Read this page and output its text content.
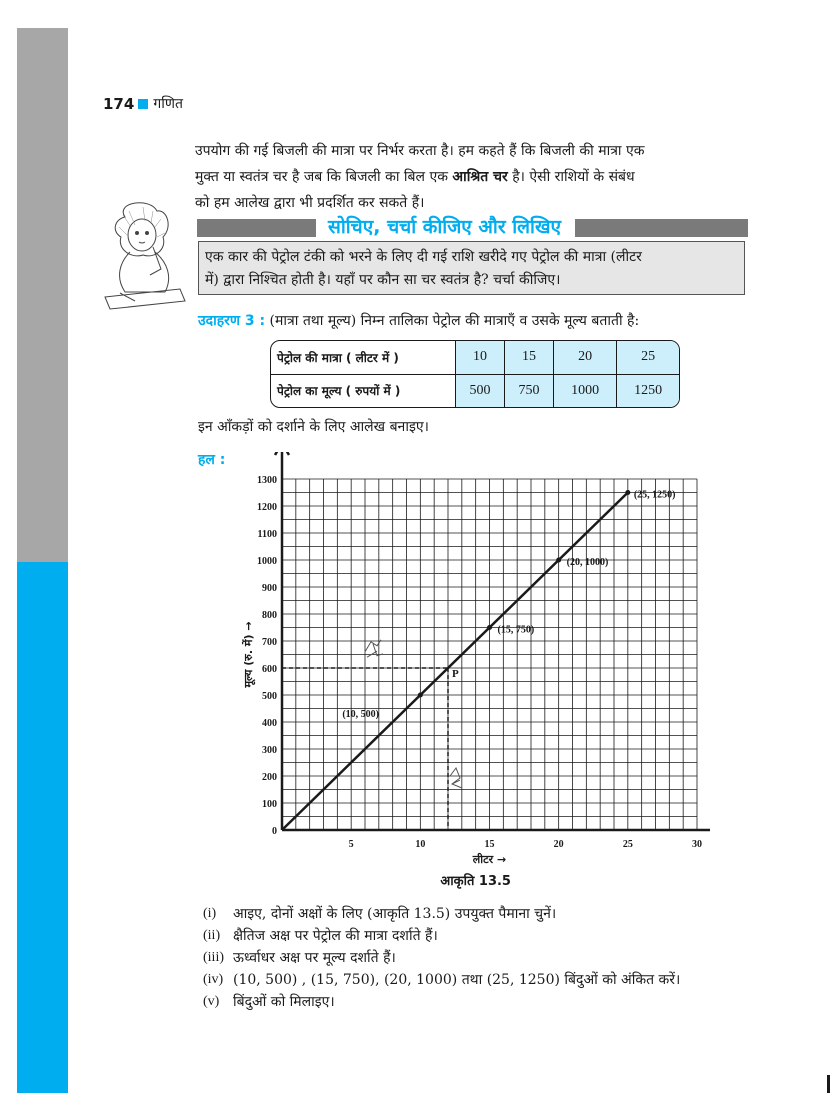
174 गणित
उपयोग की गई बिजली की मात्रा पर निर्भर करता है। हम कहते हैं कि बिजली की मात्रा एक
मुक्त या स्वतंत्र चर है जब कि बिजली का बिल एक आश्रित चर है। ऐसी राशियों के संबंध
को हम आलेख द्वारा भी प्रदर्शित कर सकते हैं।
सोचिए, चर्चा कीजिए और लिखिए
एक कार की पेट्रोल टंकी को भरने के लिए दी गई राशि खरीदे गए पेट्रोल की मात्रा (लीटर
में) द्वारा निश्चित होती है। यहाँ पर कौन सा चर स्वतंत्र है? चर्चा कीजिए।
उदाहरण 3 : (मात्रा तथा मूल्य) निम्न तालिका पेट्रोल की मात्राएँ व उसके मूल्य बताती है:
पेट्रोल की मात्रा ( लीटर में )	10	15	20	25
पेट्रोल का मूल्य ( रुपयों में )	500	750	1000	1250
इन आँकड़ों को दर्शाने के लिए आलेख बनाइए।
हल :
0
100
200
300
400
500
600
700
800
900
1000
1100
1200
1300
5	10	15	20	25	30
लीटर →
मूल्य (रु. में) →	P
(10, 500)
(15, 750)
(20, 1000)
(25, 1250)
आकृति 13.5
(i)	आइए, दोनों अक्षों के लिए (आकृति 13.5) उपयुक्त पैमाना चुनें।
(ii) क्षैतिज अक्ष पर पेट्रोल की मात्रा दर्शाते हैं।
(iii) ऊर्ध्वाधर अक्ष पर मूल्य दर्शाते हैं।
(iv) (10, 500) , (15, 750), (20, 1000) तथा (25, 1250) बिंदुओं को अंकित करें।
(v) बिंदुओं को मिलाइए।
